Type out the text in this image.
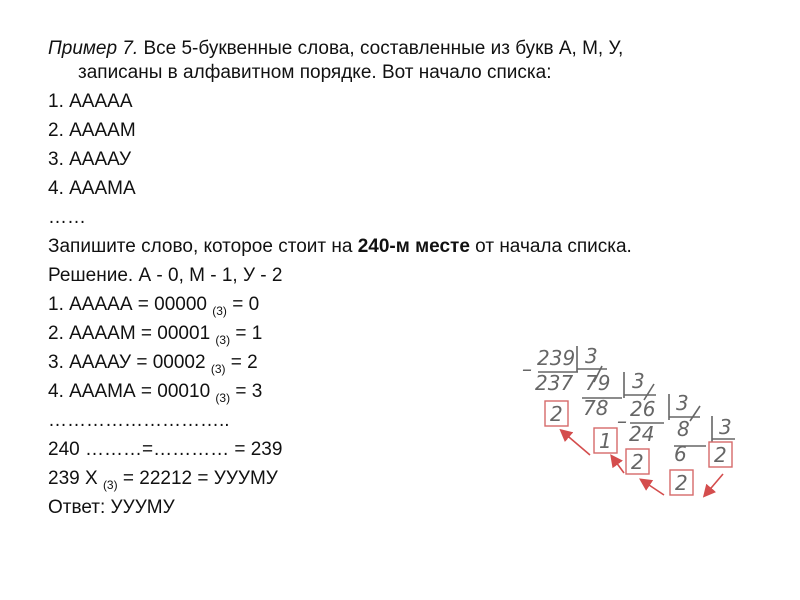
Пример 7. Все 5-буквенные слова, составленные из букв А, М, У,
записаны в алфавитном порядке. Вот начало списка:
1. ААААА
2. ААААМ
3. ААААУ
4. АААМА
……
Запишите слово, которое стоит на 240-м месте от начала списка.
Решение. А - 0, М - 1, У - 2
1. ААААА = 00000 $_{(3)}$ = 0
2. ААААМ = 00001 $_{(3)}$ = 1
3. ААААУ = 00002 $_{(3)}$ = 2
4. АААМА = 00010 $_{(3)}$ = 3
………………………..
240 ………=………… = 239
239 Х $_{(3)}$ = 22212 = УУУМУ
Ответ: УУУМУ
239 3
237 79 3
78 26 3
24 8 3
6
–
–
2
1
2	2
2
